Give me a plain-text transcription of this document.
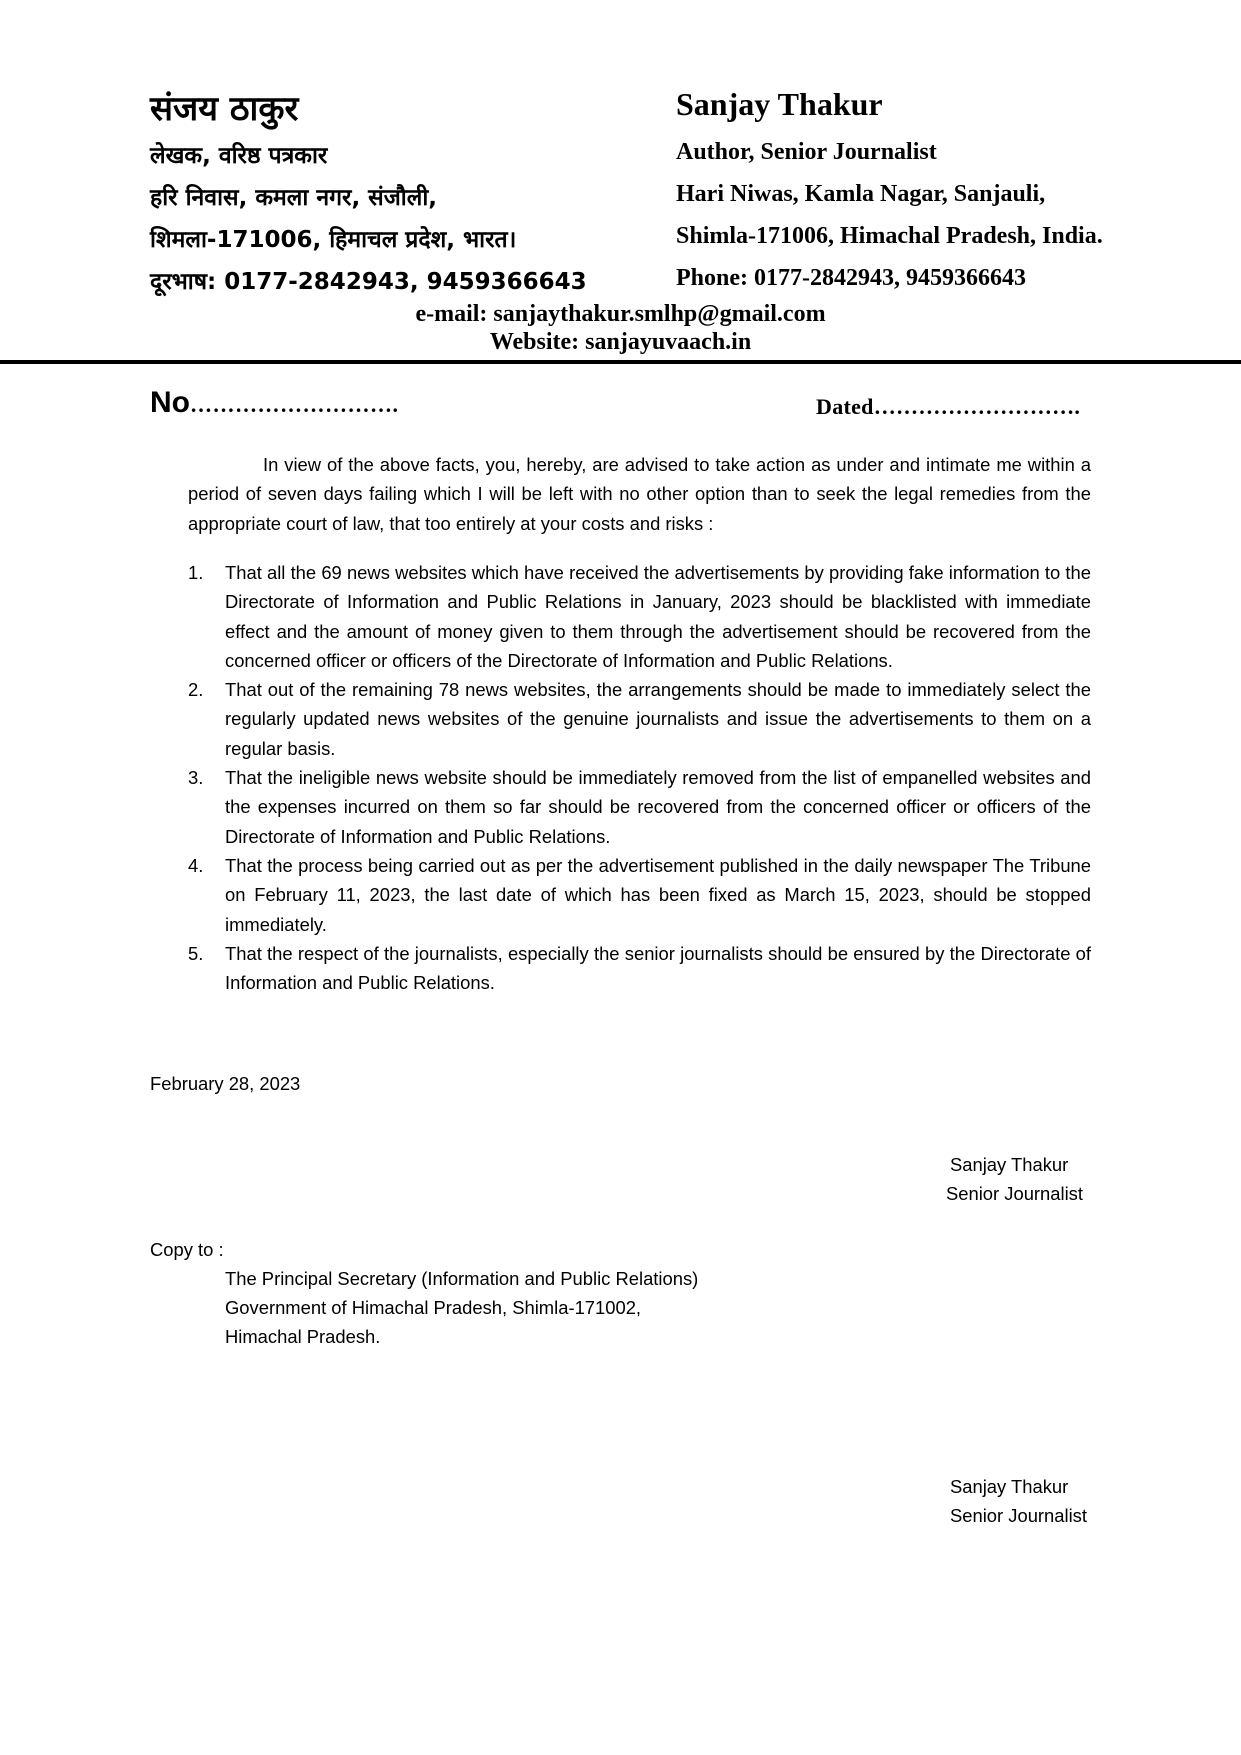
संजय ठाकुर
लेखक, वरिष्ठ पत्रकार
हरि निवास, कमला नगर, संजौली,
शिमला-171006, हिमाचल प्रदेश, भारत।
दूरभाष: 0177-2842943, 9459366643
Sanjay Thakur
Author, Senior Journalist
Hari Niwas, Kamla Nagar, Sanjauli,
Shimla-171006, Himachal Pradesh, India.
Phone: 0177-2842943, 9459366643
e-mail: sanjaythakur.smlhp@gmail.com
Website: sanjayuvaach.in
No……………………….	Dated……………………….

In view of the above facts, you, hereby, are advised to take action as under and intimate me within a period of seven days failing which I will be left with no other option than to seek the legal remedies from the appropriate court of law, that too entirely at your costs and risks :

1. That all the 69 news websites which have received the advertisements by providing fake information to the Directorate of Information and Public Relations in January, 2023 should be blacklisted with immediate effect and the amount of money given to them through the advertisement should be recovered from the concerned officer or officers of the Directorate of Information and Public Relations.
2. That out of the remaining 78 news websites, the arrangements should be made to immediately select the regularly updated news websites of the genuine journalists and issue the advertisements to them on a regular basis.
3. That the ineligible news website should be immediately removed from the list of empanelled websites and the expenses incurred on them so far should be recovered from the concerned officer or officers of the Directorate of Information and Public Relations.
4. That the process being carried out as per the advertisement published in the daily newspaper The Tribune on February 11, 2023, the last date of which has been fixed as March 15, 2023, should be stopped immediately.
5. That the respect of the journalists, especially the senior journalists should be ensured by the Directorate of Information and Public Relations.
February 28, 2023
Sanjay Thakur
Senior Journalist
Copy to :
The Principal Secretary (Information and Public Relations)
Government of Himachal Pradesh, Shimla-171002,
Himachal Pradesh.
Sanjay Thakur
Senior Journalist
